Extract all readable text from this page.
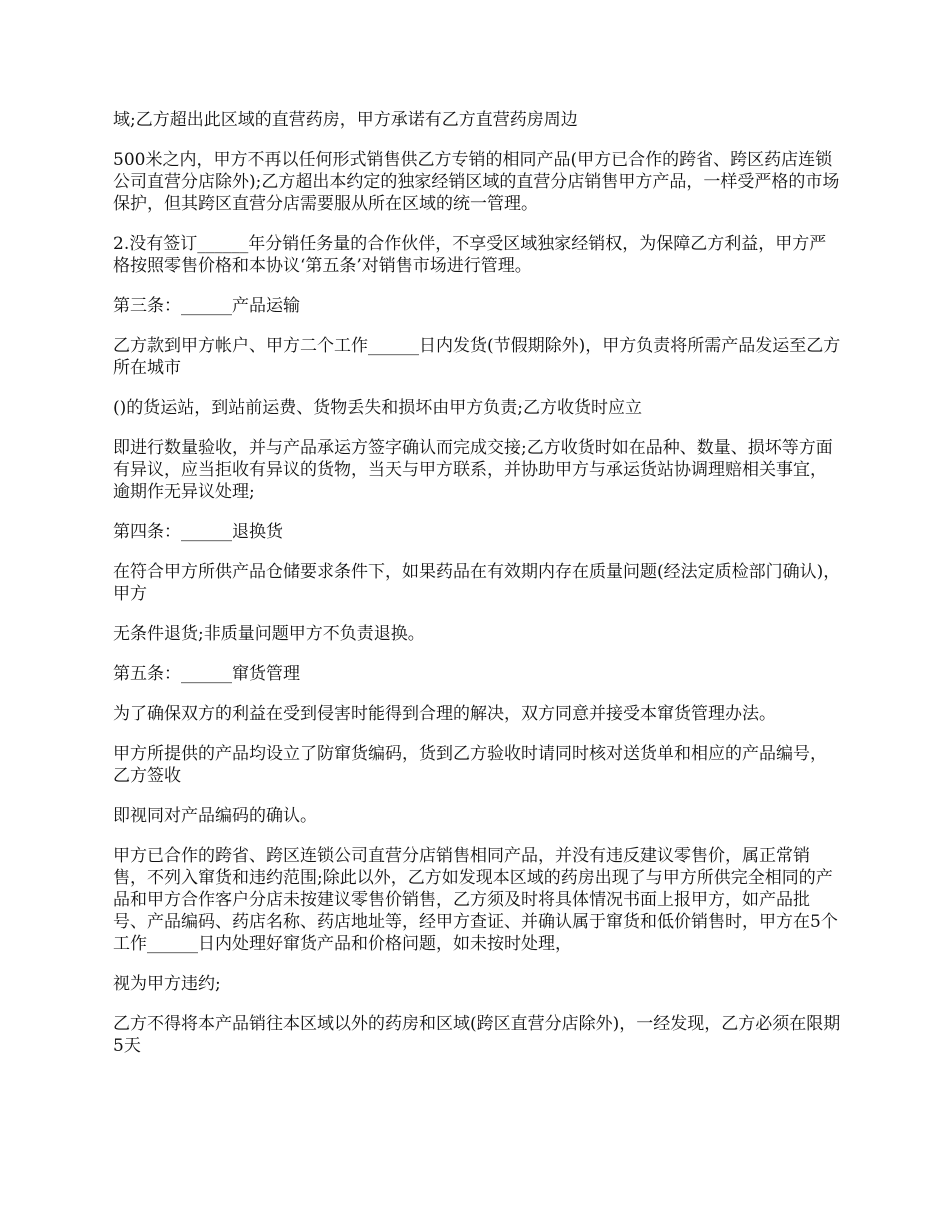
域;乙方超出此区域的直营药房，甲方承诺有乙方直营药房周边

500米之内，甲方不再以任何形式销售供乙方专销的相同产品(甲方已合作的跨省、跨区药店连锁公司直营分店除外);乙方超出本约定的独家经销区域的直营分店销售甲方产品，一样受严格的市场保护，但其跨区直营分店需要服从所在区域的统一管理。

2.没有签订______年分销任务量的合作伙伴，不享受区域独家经销权，为保障乙方利益，甲方严格按照零售价格和本协议‘第五条’对销售市场进行管理。

第三条：______产品运输

乙方款到甲方帐户、甲方二个工作______日内发货(节假期除外)，甲方负责将所需产品发运至乙方所在城市

()的货运站，到站前运费、货物丢失和损坏由甲方负责;乙方收货时应立

即进行数量验收，并与产品承运方签字确认而完成交接;乙方收货时如在品种、数量、损坏等方面有异议，应当拒收有异议的货物，当天与甲方联系，并协助甲方与承运货站协调理赔相关事宜，逾期作无异议处理;

第四条：______退换货

在符合甲方所供产品仓储要求条件下，如果药品在有效期内存在质量问题(经法定质检部门确认)，甲方

无条件退货;非质量问题甲方不负责退换。

第五条：______窜货管理

为了确保双方的利益在受到侵害时能得到合理的解决，双方同意并接受本窜货管理办法。

甲方所提供的产品均设立了防窜货编码，货到乙方验收时请同时核对送货单和相应的产品编号，乙方签收

即视同对产品编码的确认。

甲方已合作的跨省、跨区连锁公司直营分店销售相同产品，并没有违反建议零售价，属正常销售，不列入窜货和违约范围;除此以外，乙方如发现本区域的药房出现了与甲方所供完全相同的产品和甲方合作客户分店未按建议零售价销售，乙方须及时将具体情况书面上报甲方，如产品批号、产品编码、药店名称、药店地址等，经甲方查证、并确认属于窜货和低价销售时，甲方在5个工作______日内处理好窜货产品和价格问题，如未按时处理，

视为甲方违约;

乙方不得将本产品销往本区域以外的药房和区域(跨区直营分店除外)，一经发现，乙方必须在限期5天
